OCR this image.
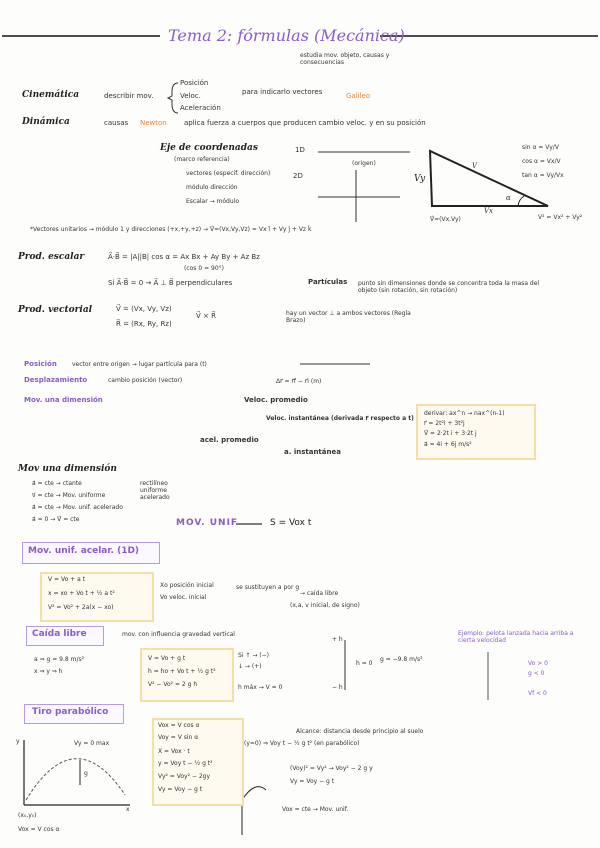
Tema 2: fórmulas (Mecánica)
estudia mov. objeto, causas y consecuencias
Cinemática	describir mov.
Posición
Veloc.
Aceleración
para indicarlo vectores	Galileo
Dinámica	causas Newton aplica fuerza a cuerpos que producen cambio veloc. y en su posición
Eje de coordenadas
(marco referencia)
vectores (especif. dirección)
módulo dirección
Escalar → módulo
1D
(origen)
2D
V
Vy
Vx
α
V⃗=(Vx,Vy)	V² = Vx² + Vy²
sin α = Vy/V
cos α = Vx/V
tan α = Vy/Vx
*Vectores unitarios → módulo 1 y direcciones (+x,+y,+z) → V⃗=(Vx,Vy,Vz) = Vx î + Vy ĵ + Vz k̂
Prod. escalar	A⃗·B⃗ = |A||B| cos α = Ax Bx + Ay By + Az Bz
(cos 0 = 90°)
Si A⃗·B⃗ = 0 → A⃗ ⊥ B⃗ perpendiculares	Partículas punto sin dimensiones donde se concentra toda la masa del objeto (sin rotación, sin rotación)
Prod. vectorial	V⃗ = (Vx, Vy, Vz)
R⃗ = (Rx, Ry, Rz)
V⃗ × R⃗	hay un vector ⊥ a ambos vectores (Regla Brazo)
Posición	vector entre origen → lugar partícula para (t)
Desplazamiento	cambio posición (vector)	Δr⃗ = r⃗f − r⃗i (m)
Mov. una dimensión	Veloc. promedio
Veloc. instantánea (derivada r⃗ respecto a t)
acel. promedio
a. instantánea
derivar: ax^n → nax^(n-1)
r⃗ = 2t²i + 3t²j
V⃗ = 2·2t i + 3·2t j
a⃗ = 4i + 6j m/s²
Mov una dimensión
a⃗ = cte → ctante
v⃗ = cte → Mov. uniforme
a⃗ = cte → Mov. unif. acelerado
a⃗ = 0 → V⃗ = cte
rectilíneo uniforme acelerado
MOV. UNIF	S = Vox t
Mov. unif. acelar. (1D)
V = Vo + a t
x = xo + Vo t + ½ a t²
V² = Vo² + 2a(x − xo)
Xo posición inicial
Vo veloc. inicial
se sustituyen a por g
→ caída libre
(x,a, v inicial, de signo)
Caída libre	mov. con influencia gravedad vertical
a ⇒ g = 9.8 m/s²
x ⇒ y ⇒ h
V = Vo + g t
h = ho + Vo t + ½ g t²
V² − Vo² = 2 g h
Si ↑ → (−)
↓ → (+)
h máx → V = 0
+ h
h = 0
g = −9.8 m/s²
− h
Ejemplo: pelota lanzada hacia arriba a cierta velocidad
Vo > 0
g < 0
Vf < 0
Tiro parabólico
Vox = V cos α
Voy = V sin α
X = Vox · t
y = Voy t − ½ g t²
Vy² = Voy² − 2gy
Vy = Voy − g t
Alcance: distancia desde principio al suelo
(y=0) ⇒ Voy t − ½ g t² (en parabólico)
(Voy)² = Vy² → Voy² − 2 g y
Vy = Voy − g t
Vox = cte → Mov. unif.
y
x
Vy = 0 max
g
(x₀,y₀)
Vox = V cos α
